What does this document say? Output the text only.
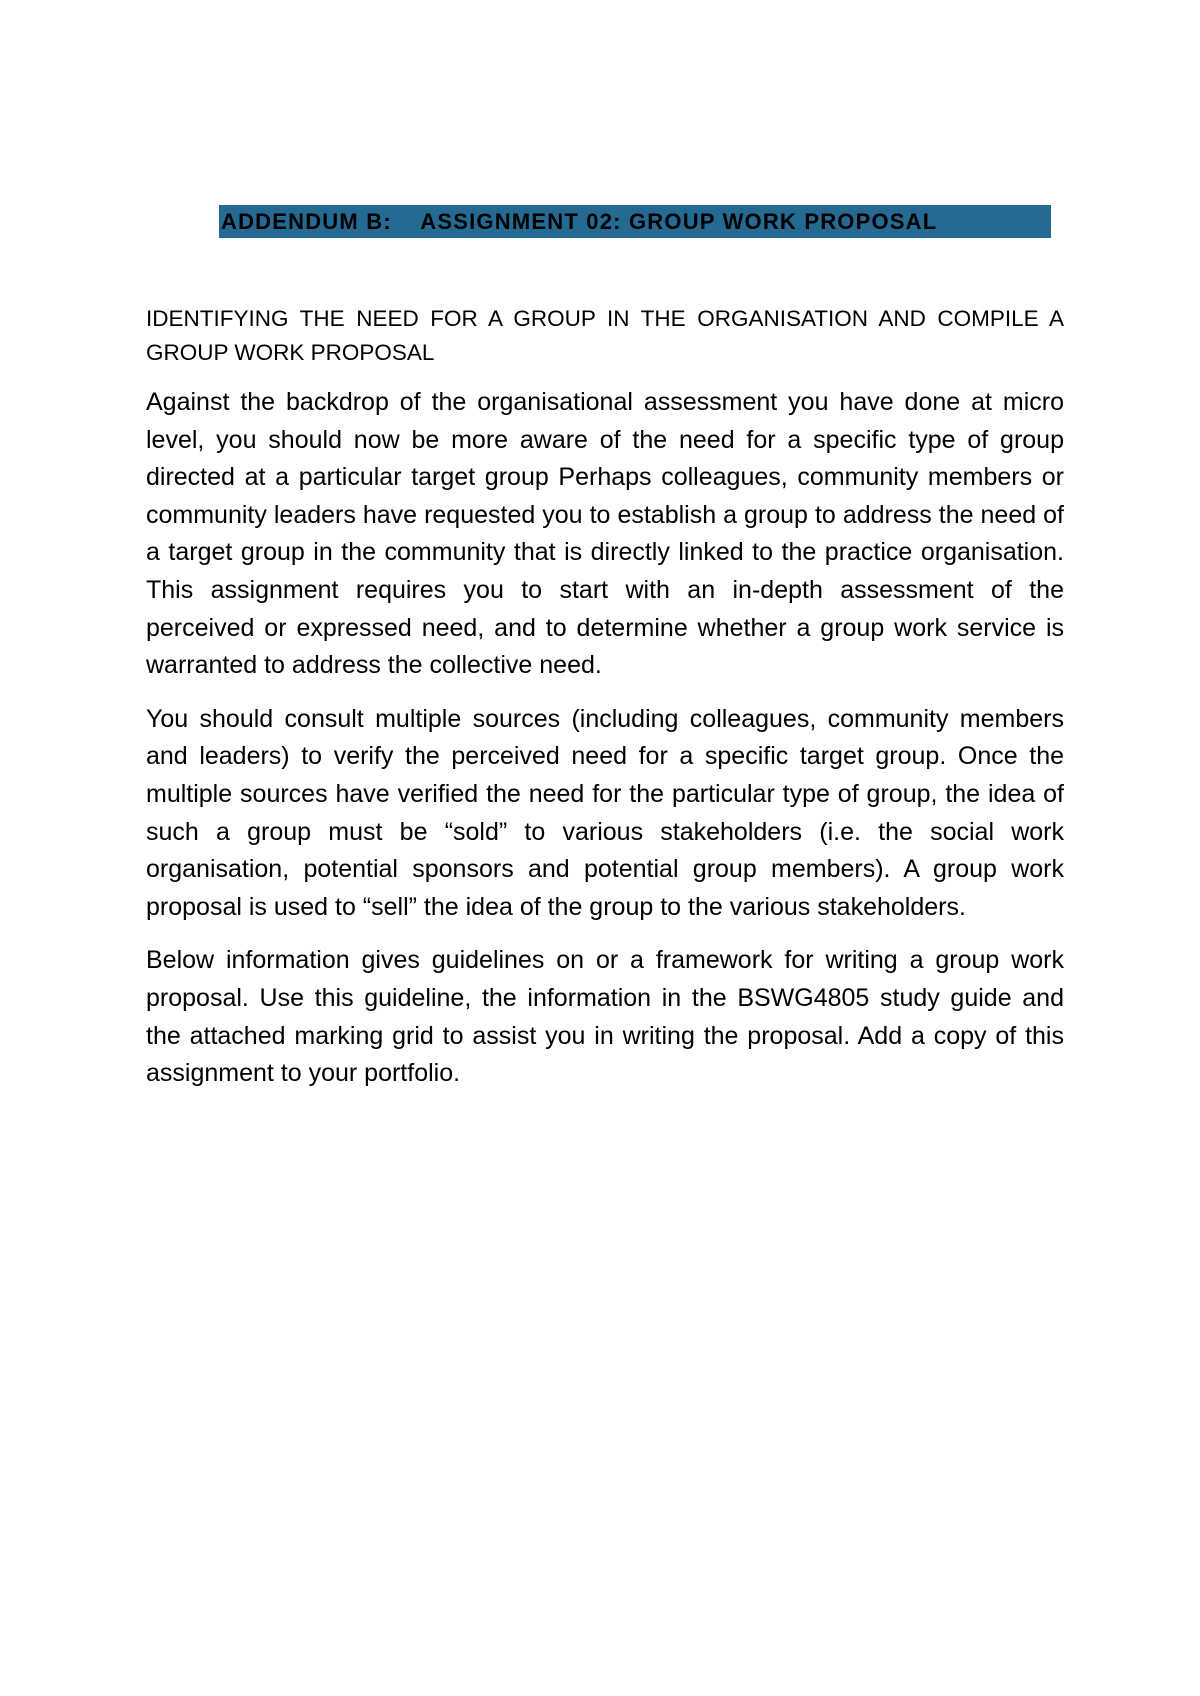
ADDENDUM B:    ASSIGNMENT 02: GROUP WORK PROPOSAL

IDENTIFYING THE NEED FOR A GROUP IN THE ORGANISATION AND COMPILE A GROUP WORK PROPOSAL

Against the backdrop of the organisational assessment you have done at micro level, you should now be more aware of the need for a specific type of group directed at a particular target group Perhaps colleagues, community members or community leaders have requested you to establish a group to address the need of a target group in the community that is directly linked to the practice organisation. This assignment requires you to start with an in-depth assessment of the perceived or expressed need, and to determine whether a group work service is warranted to address the collective need.

You should consult multiple sources (including colleagues, community members and leaders) to verify the perceived need for a specific target group. Once the multiple sources have verified the need for the particular type of group, the idea of such a group must be “sold” to various stakeholders (i.e. the social work organisation, potential sponsors and potential group members). A group work proposal is used to “sell” the idea of the group to the various stakeholders.

Below information gives guidelines on or a framework for writing a group work proposal. Use this guideline, the information in the BSWG4805 study guide and the attached marking grid to assist you in writing the proposal. Add a copy of this assignment to your portfolio.
